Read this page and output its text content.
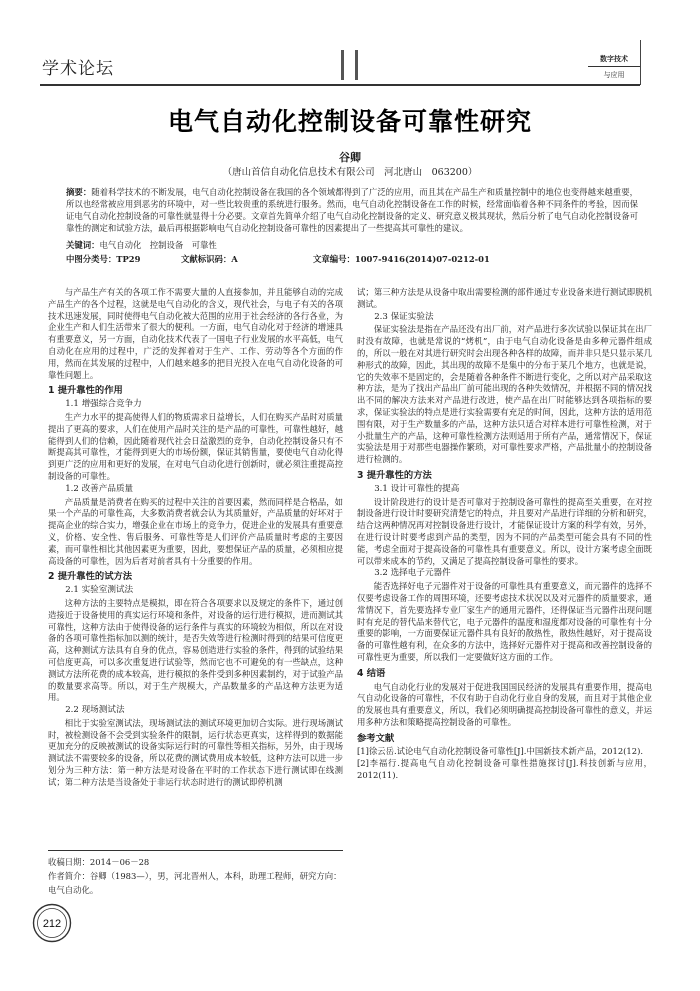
学术论坛
数字技术
与应用
电气自动化控制设备可靠性研究
谷卿
（唐山首信自动化信息技术有限公司　河北唐山　063200）
摘要：随着科学技术的不断发展，电气自动化控制设备在我国的各个领域都得到了广泛的应用，而且其在产品生产和质量控制中的地位也变得越来越重要，所以也经常被应用到恶劣的环境中，对一些比较贵重的系统进行服务。然而，电气自动化控制设备在工作的时候，经常面临着各种不同条件的考验，因而保证电气自动化控制设备的可靠性就显得十分必要。文章首先简单介绍了电气自动化控制设备的定义、研究意义极其现状，然后分析了电气自动化控制设备可靠性的测定和试验方法，最后再根据影响电气自动化控制设备可靠性的因素提出了一些提高其可靠性的建议。
关键词：电气自动化　控制设备　可靠性
中图分类号：TP29	文献标识码：A	文章编号：1007-9416(2014)07-0212-01

与产品生产有关的各项工作不需要大量的人直接参加，并且能够自动的完成产品生产的各个过程，这就是电气自动化的含义，现代社会，与电子有关的各项技术迅速发展，同时使得电气自动化被大范围的应用于社会经济的各行各业，为企业生产和人们生活带来了很大的便利。一方面，电气自动化对于经济的增速具有重要意义，另一方面，自动化技术代表了一国电子行业发展的水平高低，电气自动化在应用的过程中，广泛的发挥着对于生产、工作、劳动等各个方面的作用，然而在其发展的过程中，人们越来越多的把目光投入在电气自动化设备的可靠性问题上。

1 提升靠性的作用
1.1 增强综合竞争力

生产力水平的提高使得人们的物质需求日益增长，人们在购买产品时对质量提出了更高的要求，人们在使用产品时关注的是产品的可靠性，可靠性越好，越能得到人们的信赖，因此随着现代社会日益激烈的竞争，自动化控制设备只有不断提高其可靠性，才能得到更大的市场份额，保证其销售量，要使电气自动化得到更广泛的应用和更好的发展，在对电气自动化进行创新时，就必须注重提高控制设备的可靠性。

1.2 改善产品质量

产品质量是消费者在购买的过程中关注的首要因素，然而同样是合格品，如果一个产品的可靠性高，大多数消费者就会认为其质量好，产品质量的好坏对于提高企业的综合实力，增强企业在市场上的竞争力，促进企业的发展具有重要意义，价格、安全性、售后服务、可靠性等是人们评价产品质量时考虑的主要因素，而可靠性相比其他因素更为重要，因此，要想保证产品的质量，必须相应提高设备的可靠性，因为后者对前者具有十分重要的作用。

2 提升靠性的试方法
2.1 实验室测试法

这种方法的主要特点是模拟，即在符合各项要求以及规定的条件下，通过创造接近于设备使用的真实运行环境和条件，对设备的运行进行模拟，进而测试其可靠性，这种方法由于使得设备的运行条件与真实的环境较为相似，所以在对设备的各项可靠性指标加以测的统计，是否失效等进行检测时得到的结果可信度更高，这种测试方法具有自身的优点，容易创造进行实验的条件，得到的试验结果可信度更高，可以多次重复进行试验等，然而它也不可避免的有一些缺点，这种测试方法所花费的成本较高，进行模拟的条件受到多种因素制约，对于试验产品的数量要求高等。所以，对于生产规模大，产品数量多的产品这种方法更为适用。

2.2 现场测试法

相比于实验室测试法，现场测试法的测试环境更加切合实际。进行现场测试时，被检测设备不会受到实验条件的限制，运行状态更真实，这样得到的数据能更加充分的反映被测试的设备实际运行时的可靠性等相关指标，另外，由于现场测试法不需要较多的设备，所以花费的测试费用成本较低，这种方法可以进一步划分为三种方法：第一种方法是对设备在平时的工作状态下进行测试即在线测试；第二种方法是当设备处于非运行状态时进行的测试即停机测

试；第三种方法是从设备中取出需要检测的部件通过专业设备来进行测试即脱机测试。

2.3 保证实验法

保证实验法是指在产品还没有出厂前，对产品进行多次试验以保证其在出厂时没有故障，也就是常说的“烤机”，由于电气自动化设备是由多种元器件组成的，所以一般在对其进行研究时会出现各种各样的故障，而并非只是只显示某几种形式的故障，因此，其出现的故障不是集中的分布于某几个地方，也就是说，它的失效率不是固定的，会是随着各种条件不断进行变化，之所以对产品采取这种方法，是为了找出产品出厂前可能出现的各种失效情况，并根据不同的情况找出不同的解决方法来对产品进行改进，使产品在出厂时能够达到各项指标的要求，保证实验法的特点是进行实验需要有充足的时间，因此，这种方法的适用范围有限，对于生产数量多的产品，这种方法只适合对样本进行可靠性检测，对于小批量生产的产品，这种可靠性检测方法则适用于所有产品，通常情况下，保证实验法是用于对那些电器操作繁琐，对可靠性要求严格，产品批量小的控制设备进行检测的。

3 提升靠性的方法
3.1 设计可靠性的提高

设计阶段进行的设计是否可靠对于控制设备可靠性的提高至关重要，在对控制设备进行设计时要研究清楚它的特点，并且要对产品进行详细的分析和研究，结合这两种情况再对控制设备进行设计，才能保证设计方案的科学有效，另外，在进行设计时要考虑到产品的类型，因为不同的产品类型可能会具有不同的性能，考虑全面对于提高设备的可靠性具有重要意义。所以，设计方案考虑全面既可以带来成本的节约，又满足了提高控制设备可靠性的要求。

3.2 选择电子元器件

能否选择好电子元器件对于设备的可靠性具有重要意义，而元器件的选择不仅要考虑设备工作的周围环境，还要考虑技术状况以及对元器件的质量要求，通常情况下，首先要选择专业厂家生产的通用元器件，还得保证当元器件出现问题时有充足的替代品来替代它，电子元器件的温度和湿度都对设备的可靠性有十分重要的影响，一方面要保证元器件具有良好的散热性，散热性越好，对于提高设备的可靠性越有利，在众多的方法中，选择好元器件对于提高和改善控制设备的可靠性更为重要，所以我们一定要做好这方面的工作。

4 结语

电气自动化行业的发展对于促进我国国民经济的发展具有重要作用，提高电气自动化设备的可靠性，不仅有助于自动化行业自身的发展，而且对于其他企业的发展也具有重要意义，所以，我们必须明确提高控制设备可靠性的意义，并运用多种方法和策略提高控制设备的可靠性。

参考文献

[1]徐云岳.试论电气自动化控制设备可靠性[J].中国新技术新产品，2012(12).

[2]李福行.提高电气自动化控制设备可靠性措施探讨[J].科技创新与应用，2012(11).

收稿日期：2014－06－28
作者简介：谷卿（1983—），男，河北晋州人，本科，助理工程师，研究方向：电气自动化。
212
